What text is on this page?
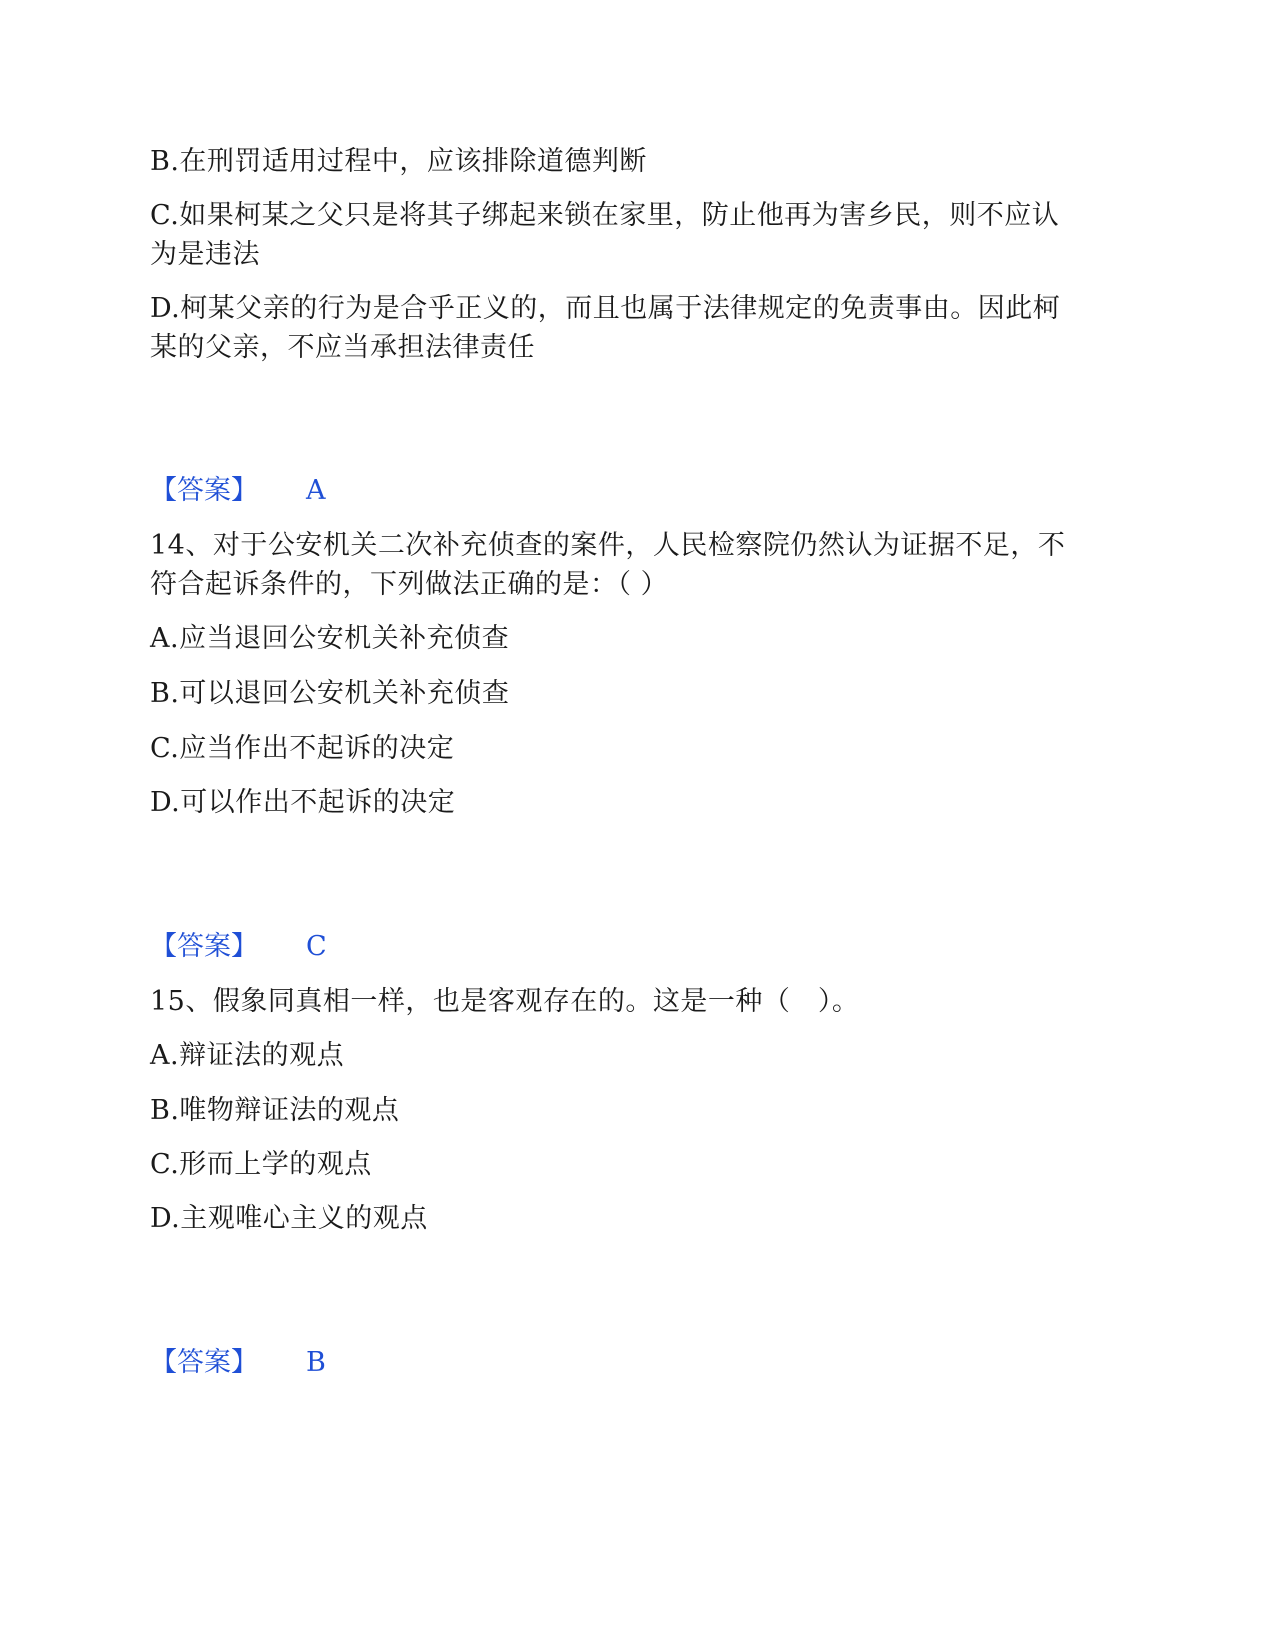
B.在刑罚适用过程中，应该排除道德判断
C.如果柯某之父只是将其子绑起来锁在家里，防止他再为害乡民，则不应认
为是违法
D.柯某父亲的行为是合乎正义的，而且也属于法律规定的免责事由。因此柯
某的父亲，不应当承担法律责任
【答案】 A
14、对于公安机关二次补充侦查的案件，人民检察院仍然认为证据不足，不
符合起诉条件的，下列做法正确的是：（ ）
A.应当退回公安机关补充侦查
B.可以退回公安机关补充侦查
C.应当作出不起诉的决定
D.可以作出不起诉的决定
【答案】 C
15、假象同真相一样，也是客观存在的。这是一种（　）。
A.辩证法的观点
B.唯物辩证法的观点
C.形而上学的观点
D.主观唯心主义的观点
【答案】 B
